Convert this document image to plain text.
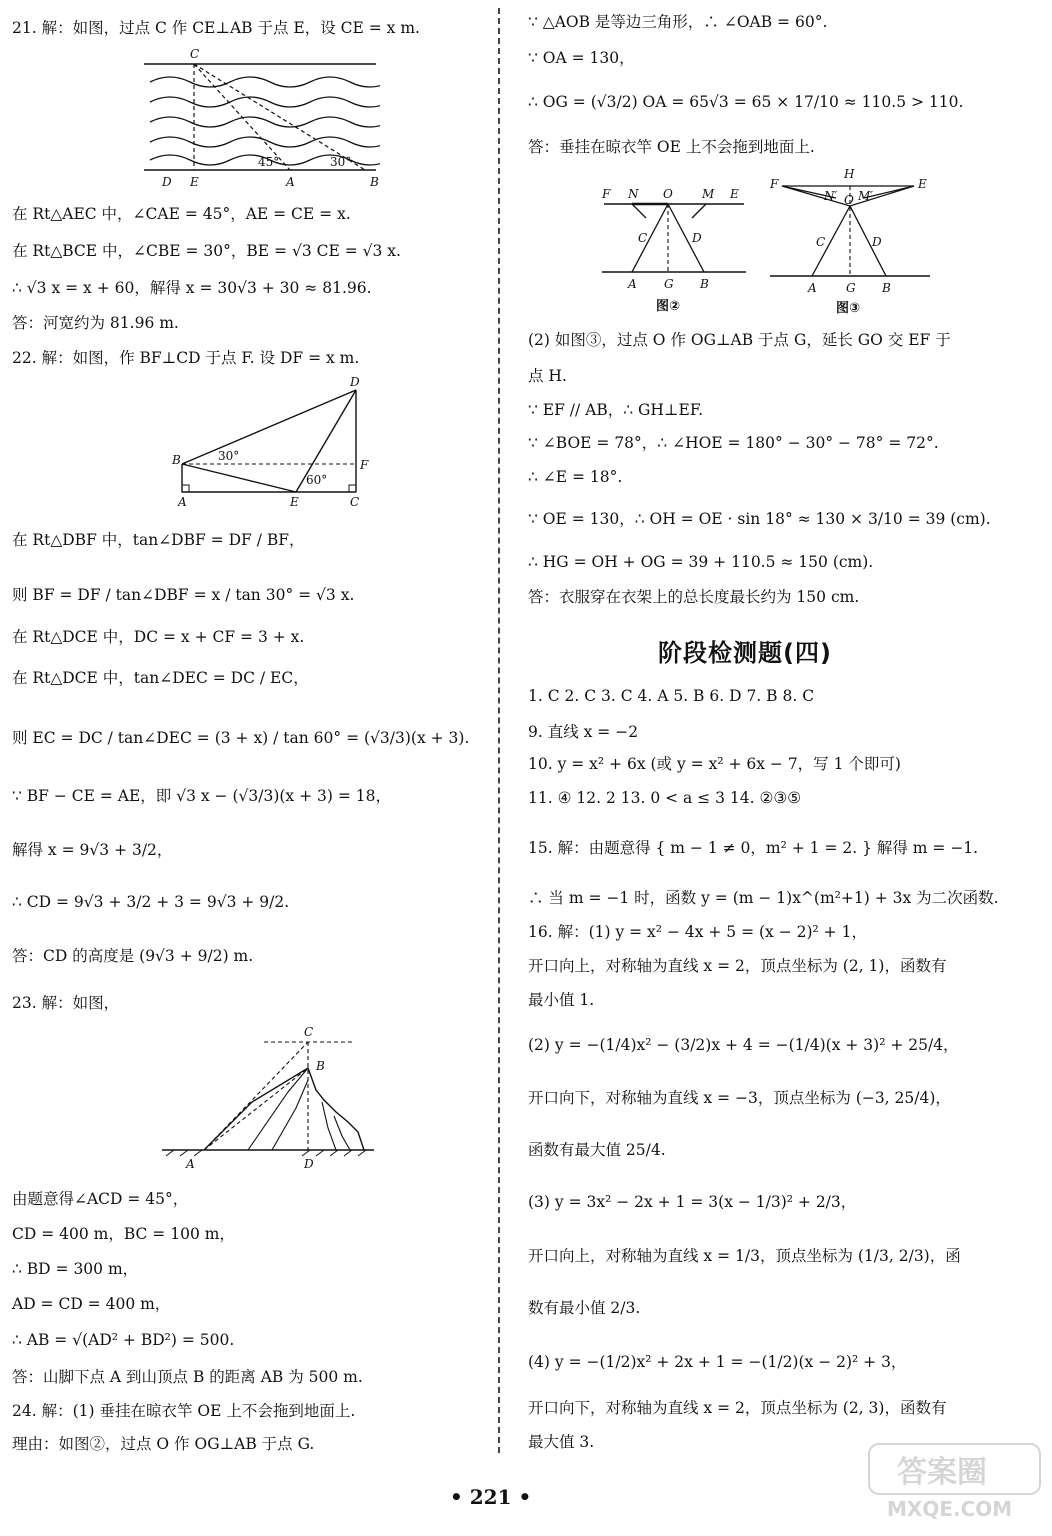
21. 解：如图，过点 C 作 CE⊥AB 于点 E，设 CE = x m.
C
D E	A	B
45°	30°
在 Rt△AEC 中，∠CAE = 45°，AE = CE = x.
在 Rt△BCE 中，∠CBE = 30°，BE = √3 CE = √3 x.
∴ √3 x = x + 60，解得 x = 30√3 + 30 ≈ 81.96.
答：河宽约为 81.96 m.
22. 解：如图，作 BF⊥CD 于点 F. 设 DF = x m.
D
B	F
A	E	C
30°
60°
在 Rt△DBF 中，tan∠DBF = DF / BF，
则 BF = DF / tan∠DBF = x / tan 30° = √3 x.
在 Rt△DCE 中，DC = x + CF = 3 + x.
在 Rt△DCE 中，tan∠DEC = DC / EC，
则 EC = DC / tan∠DEC = (3 + x) / tan 60° = (√3/3)(x + 3).
∵ BF − CE = AE，即 √3 x − (√3/3)(x + 3) = 18，
解得 x = 9√3 + 3/2，
∴ CD = 9√3 + 3/2 + 3 = 9√3 + 9/2.
答：CD 的高度是 (9√3 + 9/2) m.
23. 解：如图，
C
B
A	D
由题意得∠ACD = 45°，
CD = 400 m，BC = 100 m，
∴ BD = 300 m，
AD = CD = 400 m，
∴ AB = √(AD² + BD²) = 500.
答：山脚下点 A 到山顶点 B 的距离 AB 为 500 m.
24. 解：(1) 垂挂在晾衣竿 OE 上不会拖到地面上.
理由：如图②，过点 O 作 OG⊥AB 于点 G.
∵ △AOB 是等边三角形，∴ ∠OAB = 60°.
∵ OA = 130，
∴ OG = (√3/2) OA = 65√3 = 65 × 17/10 ≈ 110.5 > 110.
答：垂挂在晾衣竿 OE 上不会拖到地面上.
F N O M E
C	D
A G B
图②
F
H
N′ O M′
E
C	D
A G B
图③
(2) 如图③，过点 O 作 OG⊥AB 于点 G，延长 GO 交 EF 于
点 H.
∵ EF // AB，∴ GH⊥EF.
∵ ∠BOE = 78°，∴ ∠HOE = 180° − 30° − 78° = 72°.
∴ ∠E = 18°.
∵ OE = 130，∴ OH = OE · sin 18° ≈ 130 × 3/10 = 39 (cm).
∴ HG = OH + OG = 39 + 110.5 ≈ 150 (cm).
答：衣服穿在衣架上的总长度最长约为 150 cm.
阶段检测题(四)
1. C 2. C 3. C 4. A 5. B 6. D 7. B 8. C
9. 直线 x = −2
10. y = x² + 6x (或 y = x² + 6x − 7，写 1 个即可)
11. ④ 12. 2 13. 0 < a ≤ 3 14. ②③⑤
15. 解：由题意得 { m − 1 ≠ 0，m² + 1 = 2. } 解得 m = −1.
∴ 当 m = −1 时，函数 y = (m − 1)x^(m²+1) + 3x 为二次函数.
16. 解：(1) y = x² − 4x + 5 = (x − 2)² + 1，
开口向上，对称轴为直线 x = 2，顶点坐标为 (2, 1)，函数有
最小值 1.
(2) y = −(1/4)x² − (3/2)x + 4 = −(1/4)(x + 3)² + 25/4，
开口向下，对称轴为直线 x = −3，顶点坐标为 (−3, 25/4)，
函数有最大值 25/4.
(3) y = 3x² − 2x + 1 = 3(x − 1/3)² + 2/3，
开口向上，对称轴为直线 x = 1/3，顶点坐标为 (1/3, 2/3)，函
数有最小值 2/3.
(4) y = −(1/2)x² + 2x + 1 = −(1/2)(x − 2)² + 3，
开口向下，对称轴为直线 x = 2，顶点坐标为 (2, 3)，函数有
最大值 3.
• 221 •
答案圈
MXQE.COM
